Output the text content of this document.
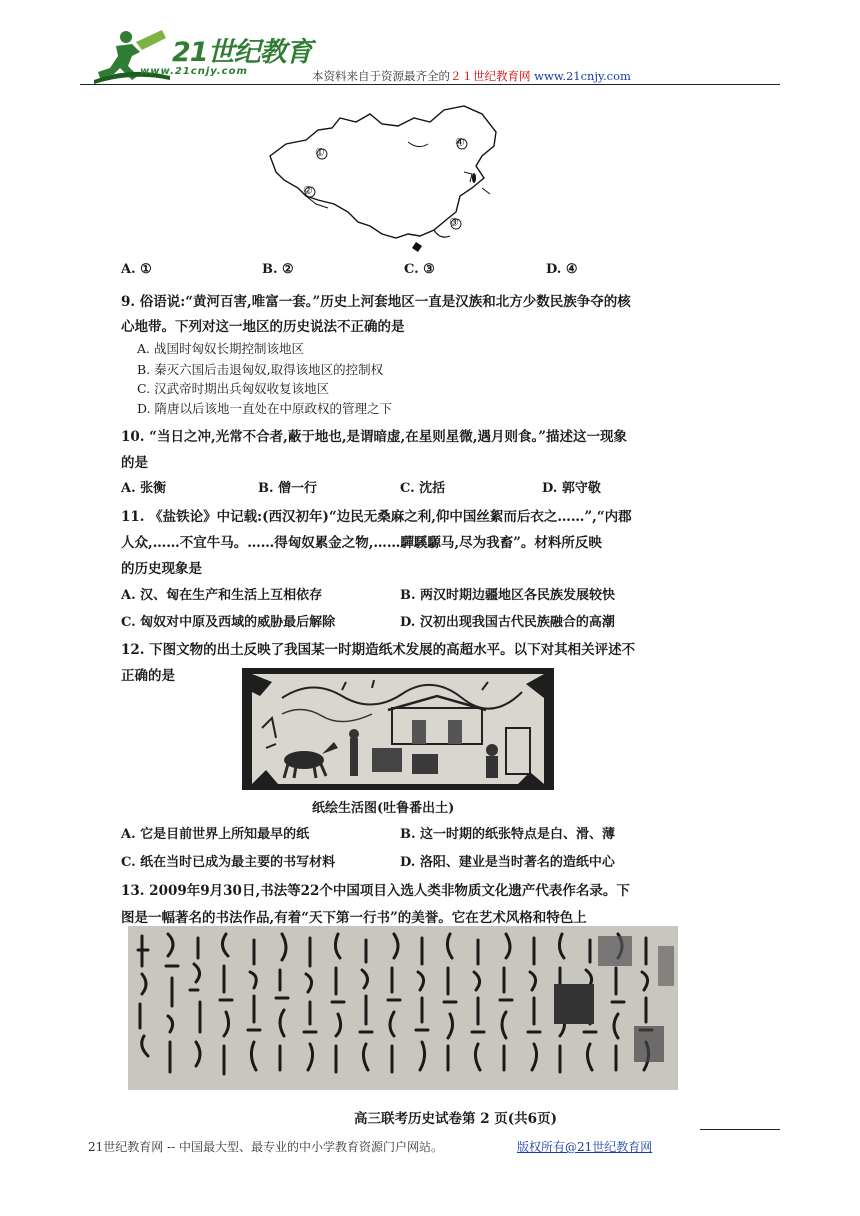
21世纪教育
www.21cnjy.com	本资料来自于资源最齐全的２１世纪教育网 www.21cnjy.com
①
②
③
④
A. ①	B. ②	C. ③	D. ④
9. 俗语说:“黄河百害,唯富一套。”历史上河套地区一直是汉族和北方少数民族争夺的核
心地带。下列对这一地区的历史说法不正确的是
A. 战国时匈奴长期控制该地区
B. 秦灭六国后击退匈奴,取得该地区的控制权
C. 汉武帝时期出兵匈奴收复该地区
D. 隋唐以后该地一直处在中原政权的管理之下
10. “当日之冲,光常不合者,蔽于地也,是谓暗虚,在星则星微,遇月则食。”描述这一现象
的是
A. 张衡	B. 僧一行	C. 沈括	D. 郭守敬
11. 《盐铁论》中记载:(西汉初年)“边民无桑麻之利,仰中国丝絮而后衣之……”,“内郡
人众,……不宜牛马。……得匈奴累金之物,……驒騱騵马,尽为我畜”。材料所反映
的历史现象是
A. 汉、匈在生产和生活上互相依存	B. 两汉时期边疆地区各民族发展较快
C. 匈奴对中原及西域的威胁最后解除	D. 汉初出现我国古代民族融合的高潮
12. 下图文物的出土反映了我国某一时期造纸术发展的高超水平。以下对其相关评述不
正确的是
纸绘生活图(吐鲁番出土)
A. 它是目前世界上所知最早的纸	B. 这一时期的纸张特点是白、滑、薄
C. 纸在当时已成为最主要的书写材料	D. 洛阳、建业是当时著名的造纸中心
13. 2009年9月30日,书法等22个中国项目入选人类非物质文化遗产代表作名录。下
图是一幅著名的书法作品,有着“天下第一行书”的美誉。它在艺术风格和特色上
高三联考历史试卷第 2 页(共6页)
21世纪教育网 -- 中国最大型、最专业的中小学教育资源门户网站。	版权所有@21世纪教育网
